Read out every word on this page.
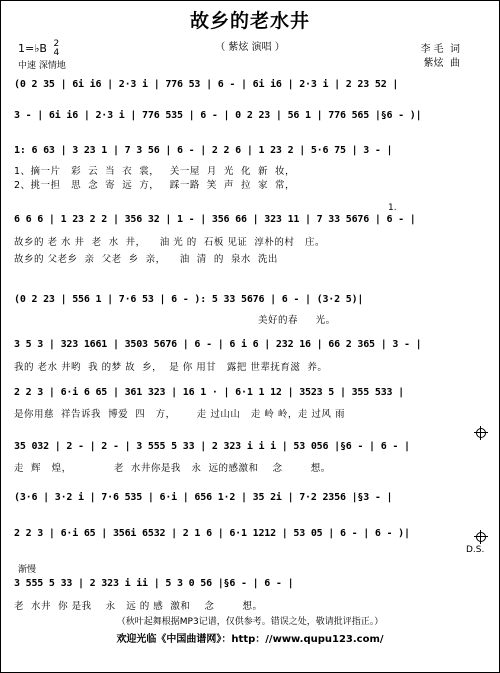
故乡的老水井
（ 紫炫 演唱 ）	李 毛  词
紫炫  曲
1=♭B 2
4
中速 深情地
(0 2 35 | 6i i6 | 2·3 i | 776 53 | 6 - | 6i i6 | 2·3 i | 2 23 52 |
3 - | 6i i6 | 2·3 i | 776 535 | 6 - | 0 2 23 | 56 1 | 776 565 |§6 - )|
1: 6 63 | 3 23 1 | 7 3 56 | 6 - | 2 2 6 | 1 23 2 | 5·6 75 | 3 - |
1、摘一片   彩  云  当  衣  裳，   关一屋  月  光  化  新  妆，
2、挑一担   思  念  寄  远  方，   踩一路  笑  声  拉  家  常，
1.
6 6 6 | 1 23 2 2 | 356 32 | 1 - | 356 66 | 323 11 | 7 33 5676 | 6 - |
故乡的 老 水 井  老  水  井，    油 光 的  石板 见证  淳朴的村   庄。
故乡的 父老乡  亲  父老  乡  亲，    油  清  的  泉水  洗出
(0 2 23 | 556 1 | 7·6 53 | 6 - ): 5 33 5676 | 6 - | (3·2 5)|
美好的春     光。
3 5 3 | 323 1661 | 3503 5676 | 6 - | 6 i 6 | 232 16 | 66 2 365 | 3 - |
我的 老水 井哟  我 的梦 故  乡，  是 你 用甘   露把 世辈抚育滋  养。
2 2 3 | 6·i 6 65 | 361 323 | 16 1 · | 6·1 1 12 | 3523 5 | 355 533 |
是你用慈  祥告诉我  博爱  四   方，      走 过山山   走 岭 岭，走 过风 雨
35 032 | 2 - | 2 - | 3 555 5 33 | 2 323 i i i | 53 056 |§6 - | 6 - |
走  辉   煌，            老  水井你是我   永  远的感激和    念        想。
(3·6 | 3·2 i | 7·6 535 | 6·i | 656 1·2 | 35 2i | 7·2 2356 |§3 - |
2 2 3 | 6·i 65 | 356i 6532 | 2 1 6 | 6·1 1212 | 53 05 | 6 - | 6 - )|
D.S.
渐慢
3 555 5 33 | 2 323 i ii | 5 3 0 56 |§6 - | 6 - |
老  水井  你 是我    永   远 的 感  激和    念        想。
（秋叶起舞根据MP3记谱，仅供参考。错误之处，敬请批评指正。）
欢迎光临《中国曲谱网》：http：//www.qupu123.com/
